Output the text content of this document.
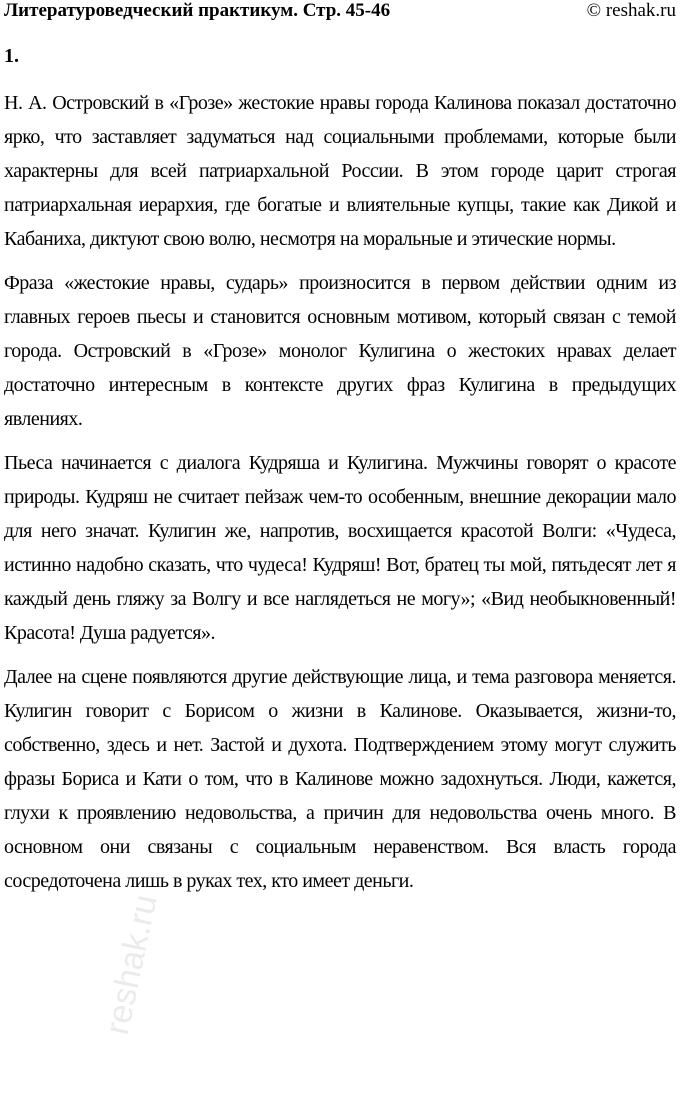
Литературоведческий практикум. Стр. 45-46	© reshak.ru
1.

Н. А. Островский в «Грозе» жестокие нравы города Калинова показал достаточно ярко, что заставляет задуматься над социальными проблемами, которые были характерны для всей патриархальной России. В этом городе царит строгая патриархальная иерархия, где богатые и влиятельные купцы, такие как Дикой и Кабаниха, диктуют свою волю, несмотря на моральные и этические нормы.

Фраза «жестокие нравы, сударь» произносится в первом действии одним из главных героев пьесы и становится основным мотивом, который связан с темой города. Островский в «Грозе» монолог Кулигина о жестоких нравах делает достаточно интересным в контексте других фраз Кулигина в предыдущих явлениях.

Пьеса начинается с диалога Кудряша и Кулигина. Мужчины говорят о красоте природы. Кудряш не считает пейзаж чем-то особенным, внешние декорации мало для него значат. Кулигин же, напротив, восхищается красотой Волги: «Чудеса, истинно надобно сказать, что чудеса! Кудряш! Вот, братец ты мой, пятьдесят лет я каждый день гляжу за Волгу и все наглядеться не могу»; «Вид необыкновенный! Красота! Душа радуется».

Далее на сцене появляются другие действующие лица, и тема разговора меняется. Кулигин говорит с Борисом о жизни в Калинове. Оказывается, жизни-то, собственно, здесь и нет. Застой и духота. Подтверждением этому могут служить фразы Бориса и Кати о том, что в Калинове можно задохнуться. Люди, кажется, глухи к проявлению недовольства, а причин для недовольства очень много. В основном они связаны с социальным неравенством. Вся власть города сосредоточена лишь в руках тех, кто имеет деньги.

reshak.ru
